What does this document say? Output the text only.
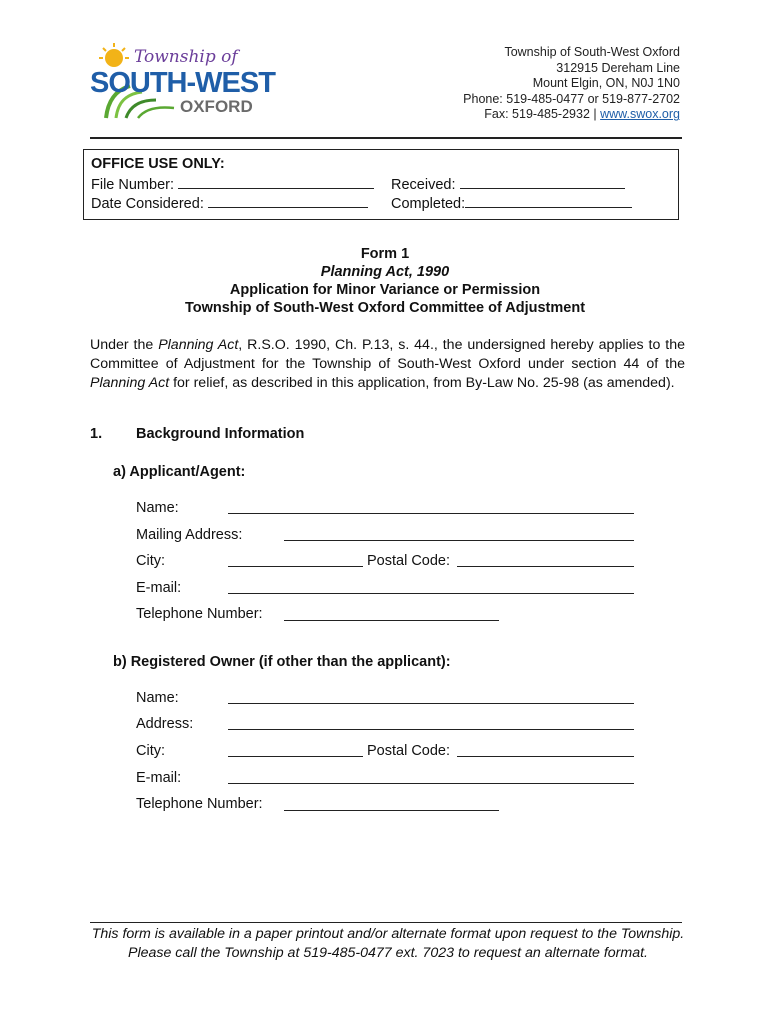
Township of
SOUTH-WEST
OXFORD
Township of South-West Oxford
312915 Dereham Line
Mount Elgin, ON, N0J 1N0
Phone: 519-485-0477 or 519-877-2702
Fax: 519-485-2932 | www.swox.org
OFFICE USE ONLY:
File Number:
Date Considered:
Received:
Completed:
Form 1
Planning Act, 1990
Application for Minor Variance or Permission
Township of South-West Oxford Committee of Adjustment
Under the Planning Act, R.S.O. 1990, Ch. P.13, s. 44., the undersigned hereby applies to the Committee of Adjustment for the Township of South-West Oxford under section 44 of the Planning Act for relief, as described in this application, from By-Law No. 25-98 (as amended).
1. Background Information
a) Applicant/Agent:
Name:
Mailing Address:
City:	Postal Code:
E-mail:
Telephone Number:
b) Registered Owner (if other than the applicant):
Name:
Address:
City:	Postal Code:
E-mail:
Telephone Number:
This form is available in a paper printout and/or alternate format upon request to the Township. Please call the Township at 519-485-0477 ext. 7023 to request an alternate format.
